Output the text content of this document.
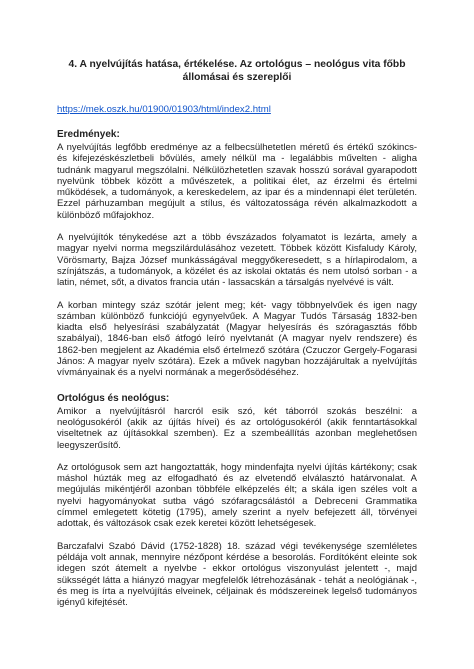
4. A nyelvújítás hatása, értékelése. Az ortológus – neológus vita főbb állomásai és szereplői
https://mek.oszk.hu/01900/01903/html/index2.html
Eredmények:

A nyelvújítás legfőbb eredménye az a felbecsülhetetlen méretű és értékű szókincs- és kifejezéskészletbeli bővülés, amely nélkül ma - legalábbis művelten - aligha tudnánk magyarul megszólalni. Nélkülözhetetlen szavak hosszú sorával gyarapodott nyelvünk többek között a művészetek, a politikai élet, az érzelmi és értelmi működések, a tudományok, a kereskedelem, az ipar és a mindennapi élet területén. Ezzel párhuzamban megújult a stílus, és változatossága révén alkalmazkodott a különböző műfajokhoz.

A nyelvújítók ténykedése azt a több évszázados folyamatot is lezárta, amely a magyar nyelvi norma megszilárdulásához vezetett. Többek között Kisfaludy Károly, Vörösmarty, Bajza József munkásságával meggyőkeresedett, s a hírlapirodalom, a színjátszás, a tudományok, a közélet és az iskolai oktatás és nem utolsó sorban - a latin, német, sőt, a divatos francia után - lassacskán a társalgás nyelvévé is vált.

A korban mintegy száz szótár jelent meg; két- vagy többnyelvűek és igen nagy számban különböző funkciójú egynyelvűek. A Magyar Tudós Társaság 1832-ben kiadta első helyesírási szabályzatát (Magyar helyesírás és szóragasztás főbb szabályai), 1846-ban első átfogó leíró nyelvtanát (A magyar nyelv rendszere) és 1862-ben megjelent az Akadémia első értelmező szótára (Czuczor Gergely-Fogarasi János: A magyar nyelv szótára). Ezek a művek nagyban hozzájárultak a nyelvújítás vívmányainak és a nyelvi normának a megerősödéséhez.

Ortológus és neológus:

Amikor a nyelvújításról harcról esik szó, két táborról szokás beszélni: a neológusokéról (akik az újítás hívei) és az ortológusokéról (akik fenntartásokkal viseltetnek az újításokkal szemben). Ez a szembeállítás azonban meglehetősen leegyszerűsítő.

Az ortológusok sem azt hangoztatták, hogy mindenfajta nyelvi újítás kártékony; csak máshol húzták meg az elfogadható és az elvetendő elválasztó határvonalat. A megújulás mikéntjéről azonban többféle elképzelés élt; a skála igen széles volt a nyelvi hagyományokat sutba vágó szófaragcsálástól a Debreceni Grammatika címmel emlegetett kötetig (1795), amely szerint a nyelv befejezett áll, törvényei adottak, és változások csak ezek keretei között lehetségesek.

Barczafalvi Szabó Dávid (1752-1828) 18. század végi tevékenysége szemléletes példája volt annak, mennyire nézőpont kérdése a besorolás. Fordítóként eleinte sok idegen szót átemelt a nyelvbe - ekkor ortológus viszonyulást jelentett -, majd süksségét látta a hiányzó magyar megfelelők létrehozásának - tehát a neológiának -, és meg is írta a nyelvújítás elveinek, céljainak és módszereinek legelső tudományos igényű kifejtését.
